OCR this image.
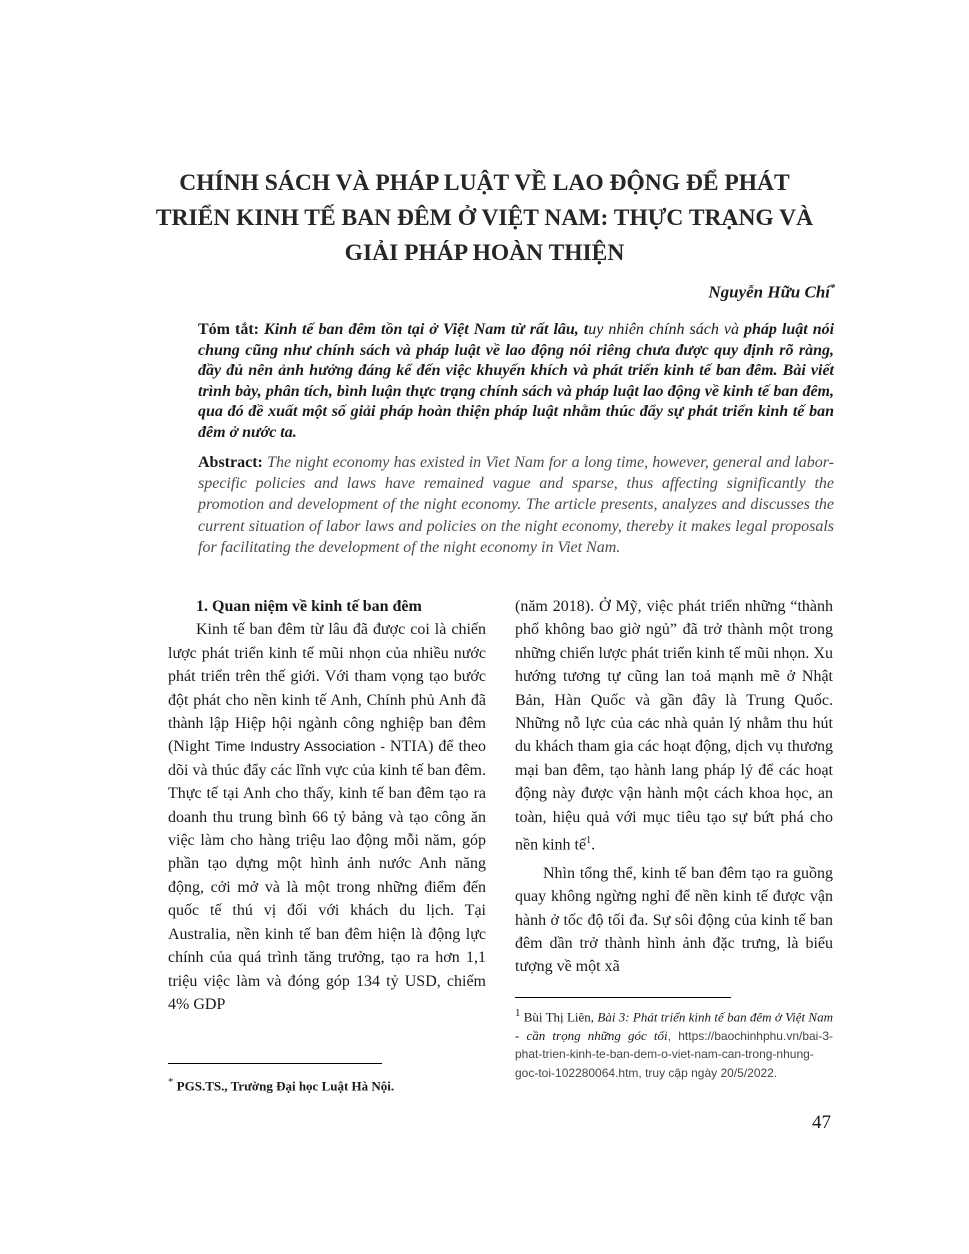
CHÍNH SÁCH VÀ PHÁP LUẬT VỀ LAO ĐỘNG ĐỂ PHÁT TRIỂN KINH TẾ BAN ĐÊM Ở VIỆT NAM: THỰC TRẠNG VÀ GIẢI PHÁP HOÀN THIỆN

Nguyễn Hữu Chí*

Tóm tắt: Kinh tế ban đêm tồn tại ở Việt Nam từ rất lâu, tuy nhiên chính sách và pháp luật nói chung cũng như chính sách và pháp luật về lao động nói riêng chưa được quy định rõ ràng, đầy đủ nên ảnh hưởng đáng kể đến việc khuyến khích và phát triển kinh tế ban đêm. Bài viết trình bày, phân tích, bình luận thực trạng chính sách và pháp luật lao động về kinh tế ban đêm, qua đó đề xuất một số giải pháp hoàn thiện pháp luật nhằm thúc đẩy sự phát triển kinh tế ban đêm ở nước ta.

Abstract: The night economy has existed in Viet Nam for a long time, however, general and labor-specific policies and laws have remained vague and sparse, thus affecting significantly the promotion and development of the night economy. The article presents, analyzes and discusses the current situation of labor laws and policies on the night economy, thereby it makes legal proposals for facilitating the development of the night economy in Viet Nam.

1. Quan niệm về kinh tế ban đêm

Kinh tế ban đêm từ lâu đã được coi là chiến lược phát triển kinh tế mũi nhọn của nhiều nước phát triển trên thế giới. Với tham vọng tạo bước đột phát cho nền kinh tế Anh, Chính phủ Anh đã thành lập Hiệp hội ngành công nghiệp ban đêm (Night Time Industry Association - NTIA) để theo dõi và thúc đẩy các lĩnh vực của kinh tế ban đêm. Thực tế tại Anh cho thấy, kinh tế ban đêm tạo ra doanh thu trung bình 66 tỷ bảng và tạo công ăn việc làm cho hàng triệu lao động mỗi năm, góp phần tạo dựng một hình ảnh nước Anh năng động, cởi mở và là một trong những điểm đến quốc tế thú vị đối với khách du lịch. Tại Australia, nền kinh tế ban đêm hiện là động lực chính của quá trình tăng trưởng, tạo ra hơn 1,1 triệu việc làm và đóng góp 134 tỷ USD, chiếm 4% GDP

(năm 2018). Ở Mỹ, việc phát triển những “thành phố không bao giờ ngủ” đã trở thành một trong những chiến lược phát triển kinh tế mũi nhọn. Xu hướng tương tự cũng lan toả mạnh mẽ ở Nhật Bản, Hàn Quốc và gần đây là Trung Quốc. Những nỗ lực của các nhà quản lý nhằm thu hút du khách tham gia các hoạt động, dịch vụ thương mại ban đêm, tạo hành lang pháp lý để các hoạt động này được vận hành một cách khoa học, an toàn, hiệu quả với mục tiêu tạo sự bứt phá cho nền kinh tế$^1$.

Nhìn tổng thể, kinh tế ban đêm tạo ra guồng quay không ngừng nghỉ để nền kinh tế được vận hành ở tốc độ tối đa. Sự sôi động của kinh tế ban đêm dần trở thành hình ảnh đặc trưng, là biểu tượng về một xã

* PGS.TS., Trường Đại học Luật Hà Nội.

$^1$ Bùi Thị Liên, Bài 3: Phát triển kinh tế ban đêm ở Việt Nam - cần trọng những góc tối, https://baochinhphu.vn/bai-3-phat-trien-kinh-te-ban-dem-o-viet-nam-can-trong-nhung-goc-toi-102280064.htm, truy cập ngày 20/5/2022.

47
